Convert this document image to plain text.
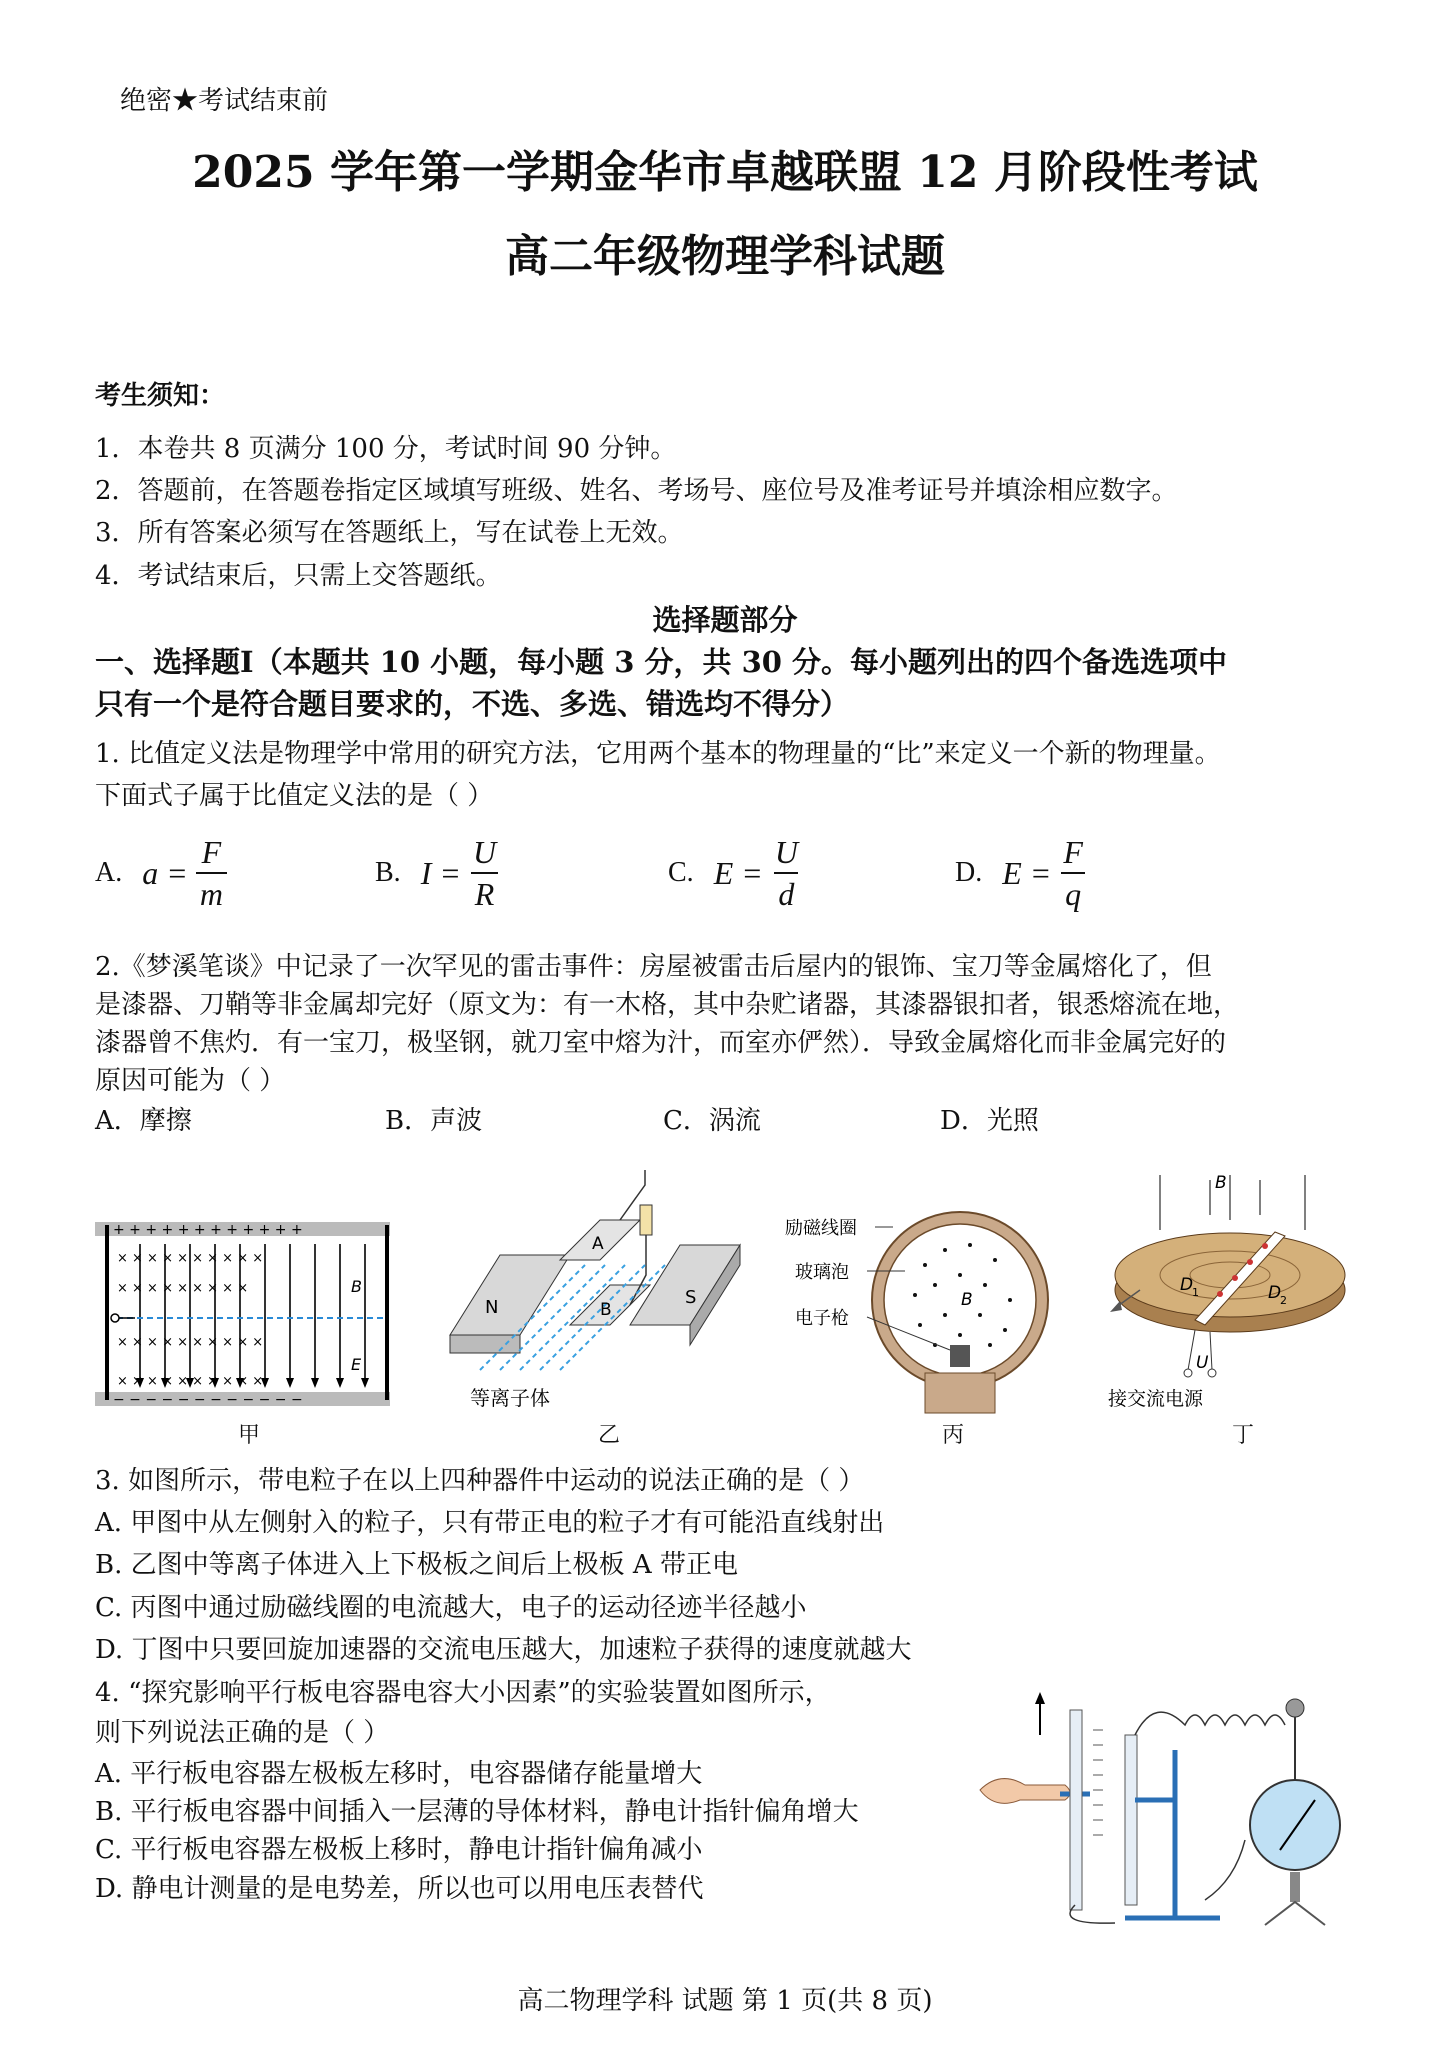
绝密★考试结束前
2025 学年第一学期金华市卓越联盟 12 月阶段性考试
高二年级物理学科试题
考生须知：
1．本卷共 8 页满分 100 分，考试时间 90 分钟。
2．答题前，在答题卷指定区域填写班级、姓名、考场号、座位号及准考证号并填涂相应数字。
3．所有答案必须写在答题纸上，写在试卷上无效。
4．考试结束后，只需上交答题纸。
选择题部分
一、选择题Ⅰ（本题共 10 小题，每小题 3 分，共 30 分。每小题列出的四个备选选项中
只有一个是符合题目要求的，不选、多选、错选均不得分）
1. 比值定义法是物理学中常用的研究方法，它用两个基本的物理量的“比”来定义一个新的物理量。
下面式子属于比值定义法的是（ ）
A. $a = \frac{F}{m}$	B. $I = \frac{U}{R}$	C. $E = \frac{U}{d}$	D. $E = \frac{F}{q}$
2.《梦溪笔谈》中记录了一次罕见的雷击事件：房屋被雷击后屋内的银饰、宝刀等金属熔化了，但
是漆器、刀鞘等非金属却完好（原文为：有一木格，其中杂贮诸器，其漆器银扣者，银悉熔流在地，
漆器曾不焦灼．有一宝刀，极坚钢，就刀室中熔为汁，而室亦俨然）．导致金属熔化而非金属完好的
原因可能为（ ）
A．摩擦	B．声波	C．涡流	D．光照
+ + + + + + + + + + + +
− − − − − − − − − − − −
× × × × × × × × × ×
× × × × × × × × ×
× × × × × × × × × ×
× × × × × × × × × ×
B
E
甲
N	S
A
B
等离子体
乙
励磁线圈
玻璃泡
电子枪
B
丙
B
D
1	D
2
U
接交流电源
丁
3. 如图所示，带电粒子在以上四种器件中运动的说法正确的是（ ）
A. 甲图中从左侧射入的粒子，只有带正电的粒子才有可能沿直线射出
B. 乙图中等离子体进入上下极板之间后上极板 A 带正电
C. 丙图中通过励磁线圈的电流越大，电子的运动径迹半径越小
D. 丁图中只要回旋加速器的交流电压越大，加速粒子获得的速度就越大
4. “探究影响平行板电容器电容大小因素”的实验装置如图所示，
则下列说法正确的是（ ）
A. 平行板电容器左极板左移时，电容器储存能量增大
B. 平行板电容器中间插入一层薄的导体材料，静电计指针偏角增大
C. 平行板电容器左极板上移时，静电计指针偏角减小
D. 静电计测量的是电势差，所以也可以用电压表替代
高二物理学科 试题 第 1 页(共 8 页)
